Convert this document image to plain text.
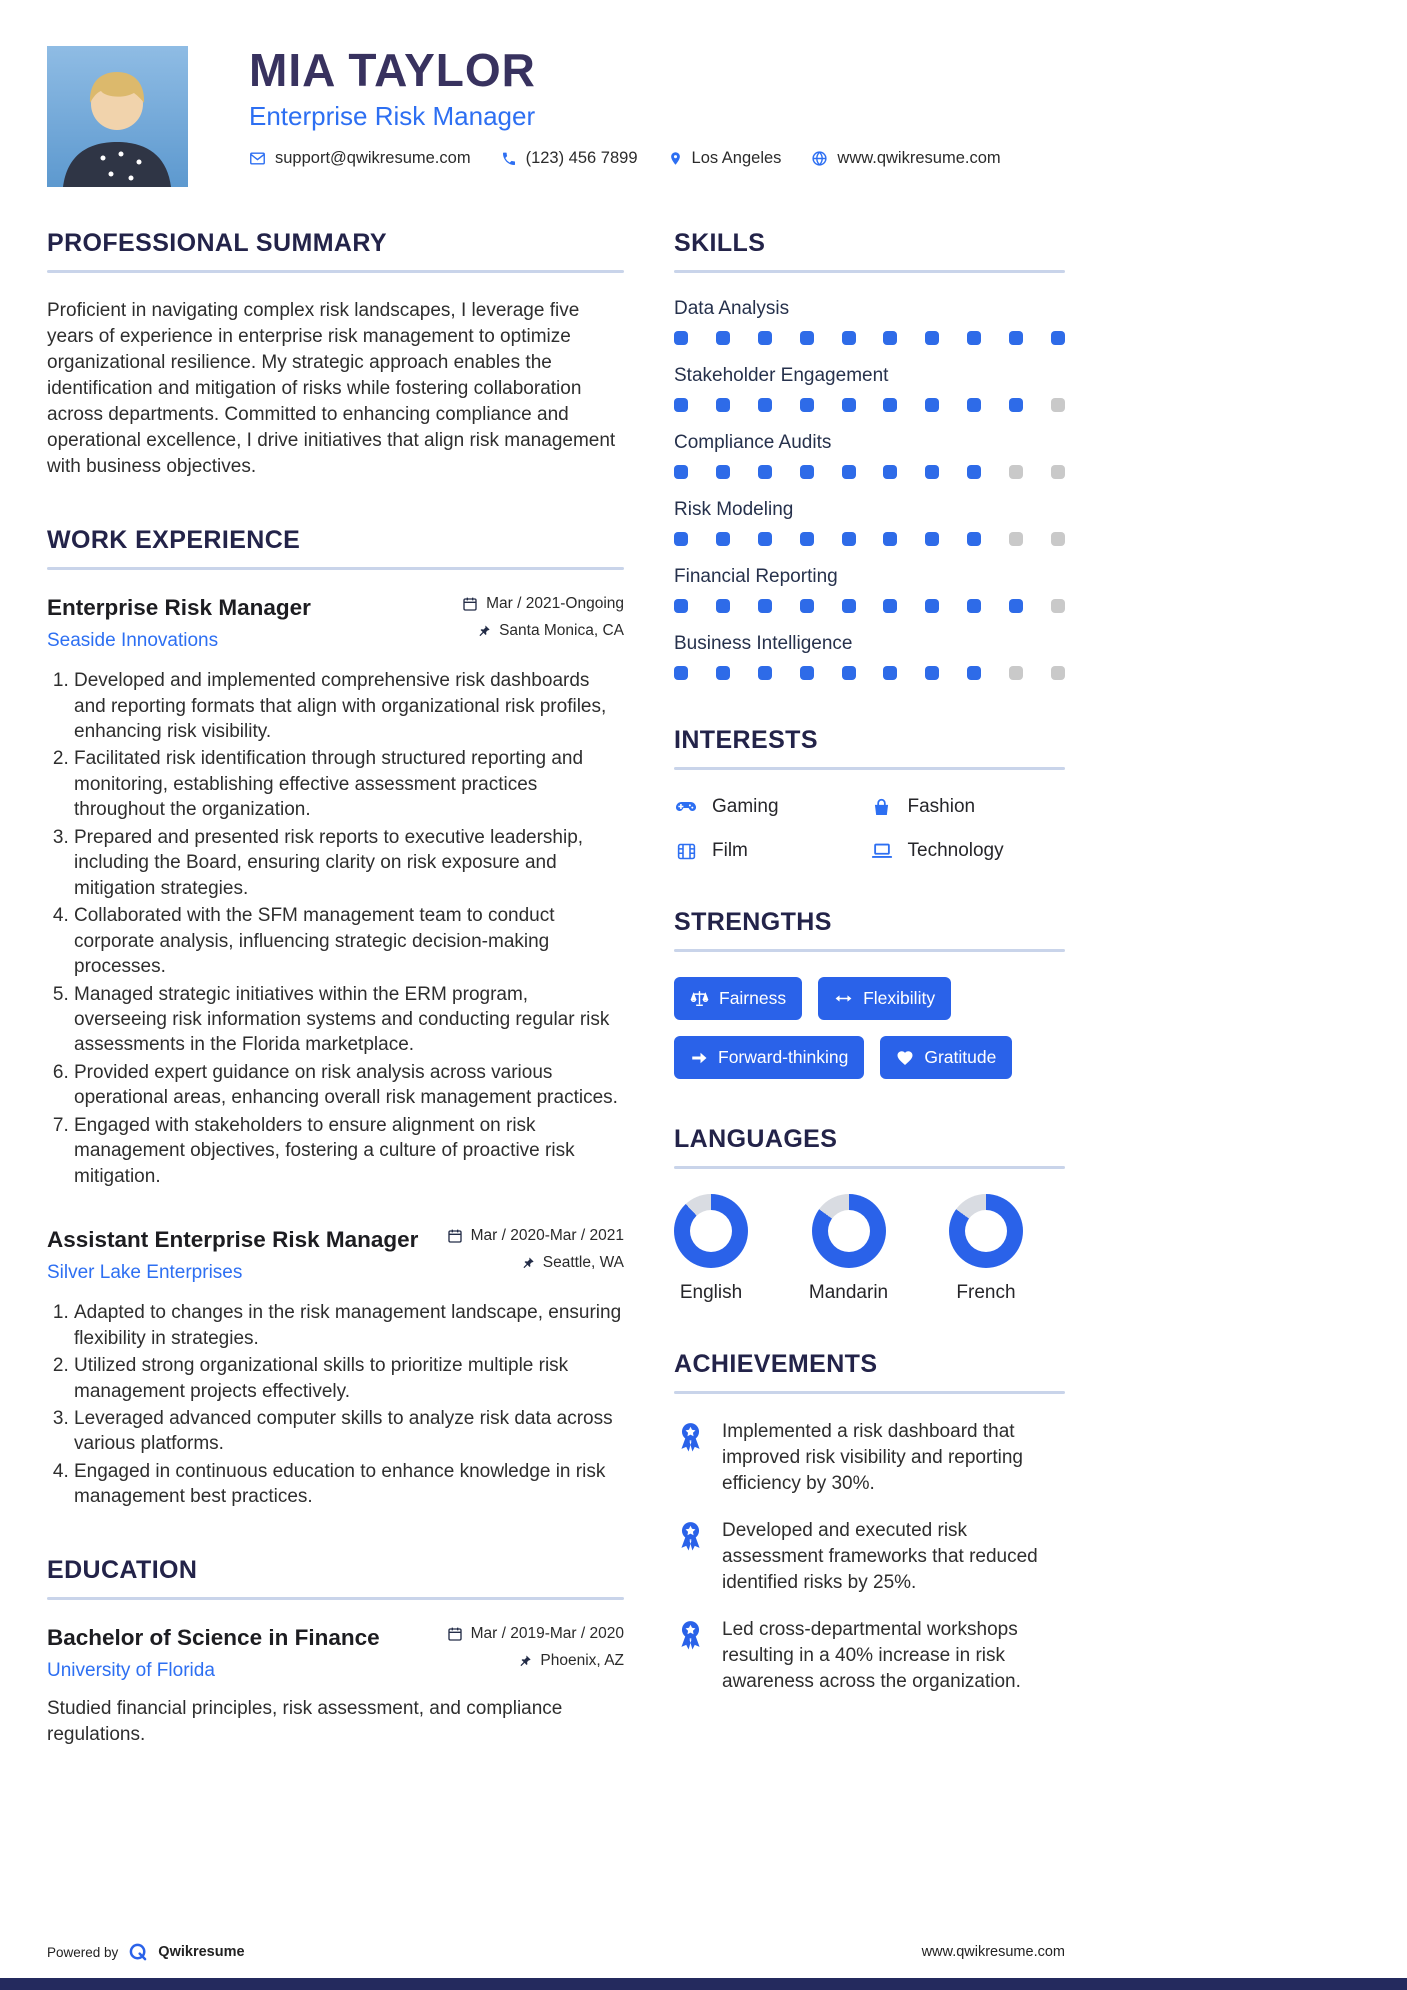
MIA TAYLOR
Enterprise Risk Manager
support@qwikresume.com	(123) 456 7899	Los Angeles	www.qwikresume.com
PROFESSIONAL SUMMARY

Proficient in navigating complex risk landscapes, I leverage five years of experience in enterprise risk management to optimize organizational resilience. My strategic approach enables the identification and mitigation of risks while fostering collaboration across departments. Committed to enhancing compliance and operational excellence, I drive initiatives that align risk management with business objectives.

WORK EXPERIENCE
Enterprise Risk Manager
Seaside Innovations
Mar / 2021-Ongoing
Santa Monica, CA
1. Developed and implemented comprehensive risk dashboards and reporting formats that align with organizational risk profiles, enhancing risk visibility.
2. Facilitated risk identification through structured reporting and monitoring, establishing effective assessment practices throughout the organization.
3. Prepared and presented risk reports to executive leadership, including the Board, ensuring clarity on risk exposure and mitigation strategies.
4. Collaborated with the SFM management team to conduct corporate analysis, influencing strategic decision-making processes.
5. Managed strategic initiatives within the ERM program, overseeing risk information systems and conducting regular risk assessments in the Florida marketplace.
6. Provided expert guidance on risk analysis across various operational areas, enhancing overall risk management practices.
7. Engaged with stakeholders to ensure alignment on risk management objectives, fostering a culture of proactive risk mitigation.
Assistant Enterprise Risk Manager
Silver Lake Enterprises
Mar / 2020-Mar / 2021
Seattle, WA
1. Adapted to changes in the risk management landscape, ensuring flexibility in strategies.
2. Utilized strong organizational skills to prioritize multiple risk management projects effectively.
3. Leveraged advanced computer skills to analyze risk data across various platforms.
4. Engaged in continuous education to enhance knowledge in risk management best practices.
EDUCATION
Bachelor of Science in Finance
University of Florida
Mar / 2019-Mar / 2020
Phoenix, AZ

Studied financial principles, risk assessment, and compliance regulations.

SKILLS
Data Analysis
Stakeholder Engagement
Compliance Audits
Risk Modeling
Financial Reporting
Business Intelligence
INTERESTS
Gaming	Fashion
Film	Technology
STRENGTHS
Fairness	Flexibility
Forward-thinking	Gratitude
LANGUAGES
English	Mandarin	French
ACHIEVEMENTS

Implemented a risk dashboard that improved risk visibility and reporting efficiency by 30%.

Developed and executed risk assessment frameworks that reduced identified risks by 25%.

Led cross-departmental workshops resulting in a 40% increase in risk awareness across the organization.

Powered by	Qwikresume	www.qwikresume.com
